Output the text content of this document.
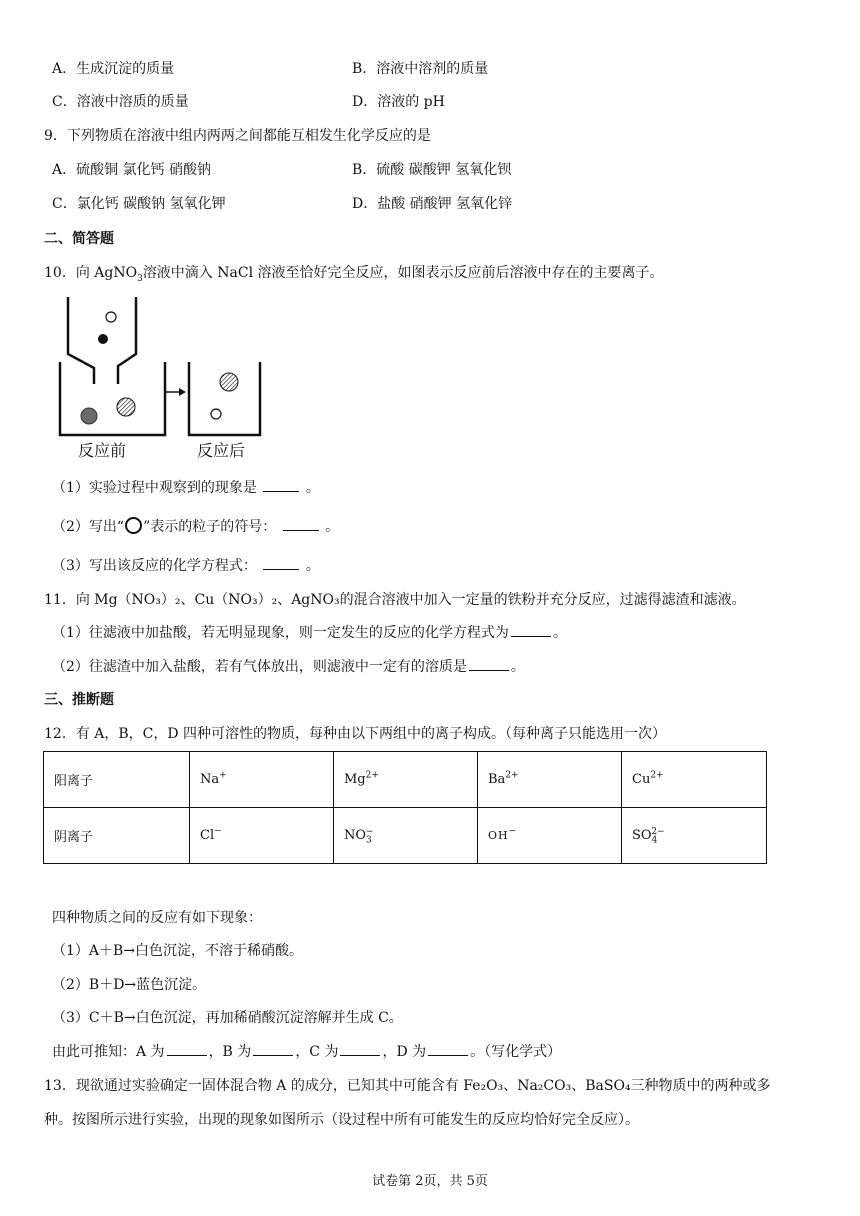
A．生成沉淀的质量	B．溶液中溶剂的质量
C．溶液中溶质的质量	D．溶液的 pH
9．下列物质在溶液中组内两两之间都能互相发生化学反应的是
A．硫酸铜 氯化钙 硝酸钠	B．硫酸 碳酸钾 氢氧化钡
C．氯化钙 碳酸钠 氢氧化钾	D．盐酸 硝酸钾 氢氧化锌
二、简答题
10．向 AgNO$_3$溶液中滴入 NaCl 溶液至恰好完全反应，如图表示反应前后溶液中存在的主要离子。
反应前	反应后
（1）实验过程中观察到的现象是	。
（2）写出“ ”表示的粒子的符号：	。
（3）写出该反应的化学方程式：	。
11．向 Mg（NO₃）₂、Cu（NO₃）₂、AgNO₃的混合溶液中加入一定量的铁粉并充分反应，过滤得滤渣和滤液。
（1）往滤液中加盐酸，若无明显现象，则一定发生的反应的化学方程式为	。
（2）往滤渣中加入盐酸，若有气体放出，则滤液中一定有的溶质是	。
三、推断题
12．有 A，B，C，D 四种可溶性的物质，每种由以下两组中的离子构成。（每种离子只能选用一次）
阳离子	Na+	$Mg^{2+}$	$Ba^{2+}$	$Cu^{2+}$
阴离子	Cl−	$NO_3^-$	OH−	$SO_4^{2-}$
四种物质之间的反应有如下现象：
（1）A＋B→白色沉淀，不溶于稀硝酸。
（2）B＋D→蓝色沉淀。
（3）C＋B→白色沉淀，再加稀硝酸沉淀溶解并生成 C。
由此可推知：A 为	，B 为	，C 为	，D 为	。（写化学式）
13．现欲通过实验确定一固体混合物 A 的成分，已知其中可能含有 Fe₂O₃、Na₂CO₃、BaSO₄三种物质中的两种或多
种。按图所示进行实验，出现的现象如图所示（设过程中所有可能发生的反应均恰好完全反应）。
试卷第 2页，共 5页
